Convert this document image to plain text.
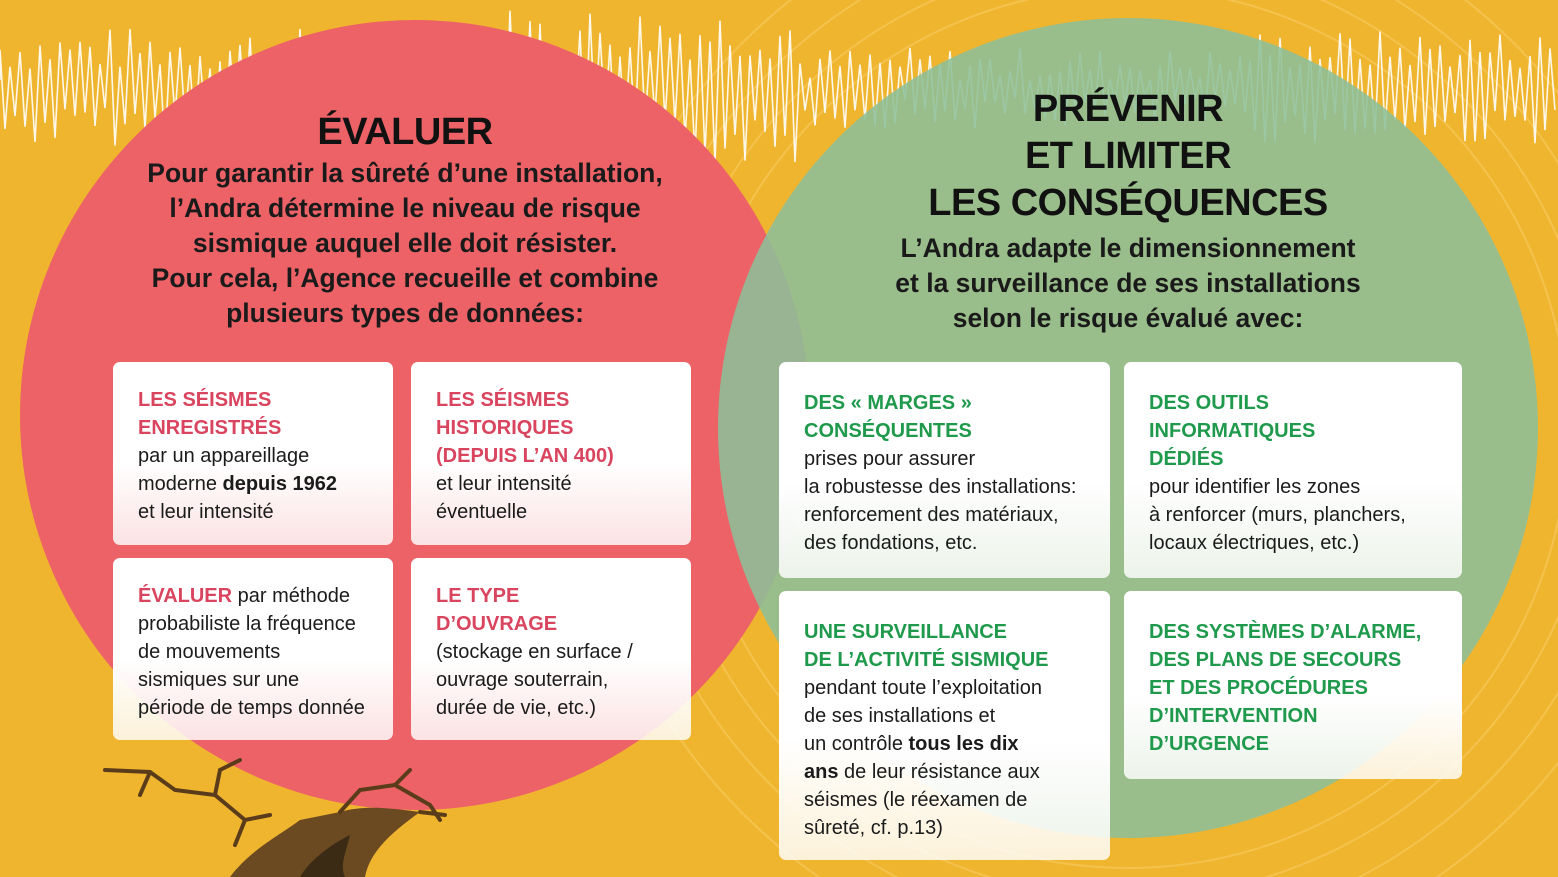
ÉVALUER

Pour garantir la sûreté d’une installation,
l’Andra détermine le niveau de risque
sismique auquel elle doit résister.
Pour cela, l’Agence recueille et combine
plusieurs types de données:

LES SÉISMES
ENREGISTRÉS
par un appareillage
moderne depuis 1962
et leur intensité
LES SÉISMES
HISTORIQUES
(DEPUIS L’AN 400)
et leur intensité
éventuelle
ÉVALUER par méthode
probabiliste la fréquence
de mouvements
sismiques sur une
période de temps donnée
LE TYPE
D’OUVRAGE
(stockage en surface /
ouvrage souterrain,
durée de vie, etc.)
PRÉVENIR
ET LIMITER
LES CONSÉQUENCES

L’Andra adapte le dimensionnement
et la surveillance de ses installations
selon le risque évalué avec:

DES « MARGES »
CONSÉQUENTES
prises pour assurer
la robustesse des installations:
renforcement des matériaux,
des fondations, etc.
DES OUTILS
INFORMATIQUES
DÉDIÉS
pour identifier les zones
à renforcer (murs, planchers,
locaux électriques, etc.)
UNE SURVEILLANCE
DE L’ACTIVITÉ SISMIQUE
pendant toute l’exploitation
de ses installations et
un contrôle tous les dix
ans de leur résistance aux
séismes (le réexamen de
sûreté, cf. p.13)
DES SYSTÈMES D’ALARME,
DES PLANS DE SECOURS
ET DES PROCÉDURES
D’INTERVENTION
D’URGENCE
